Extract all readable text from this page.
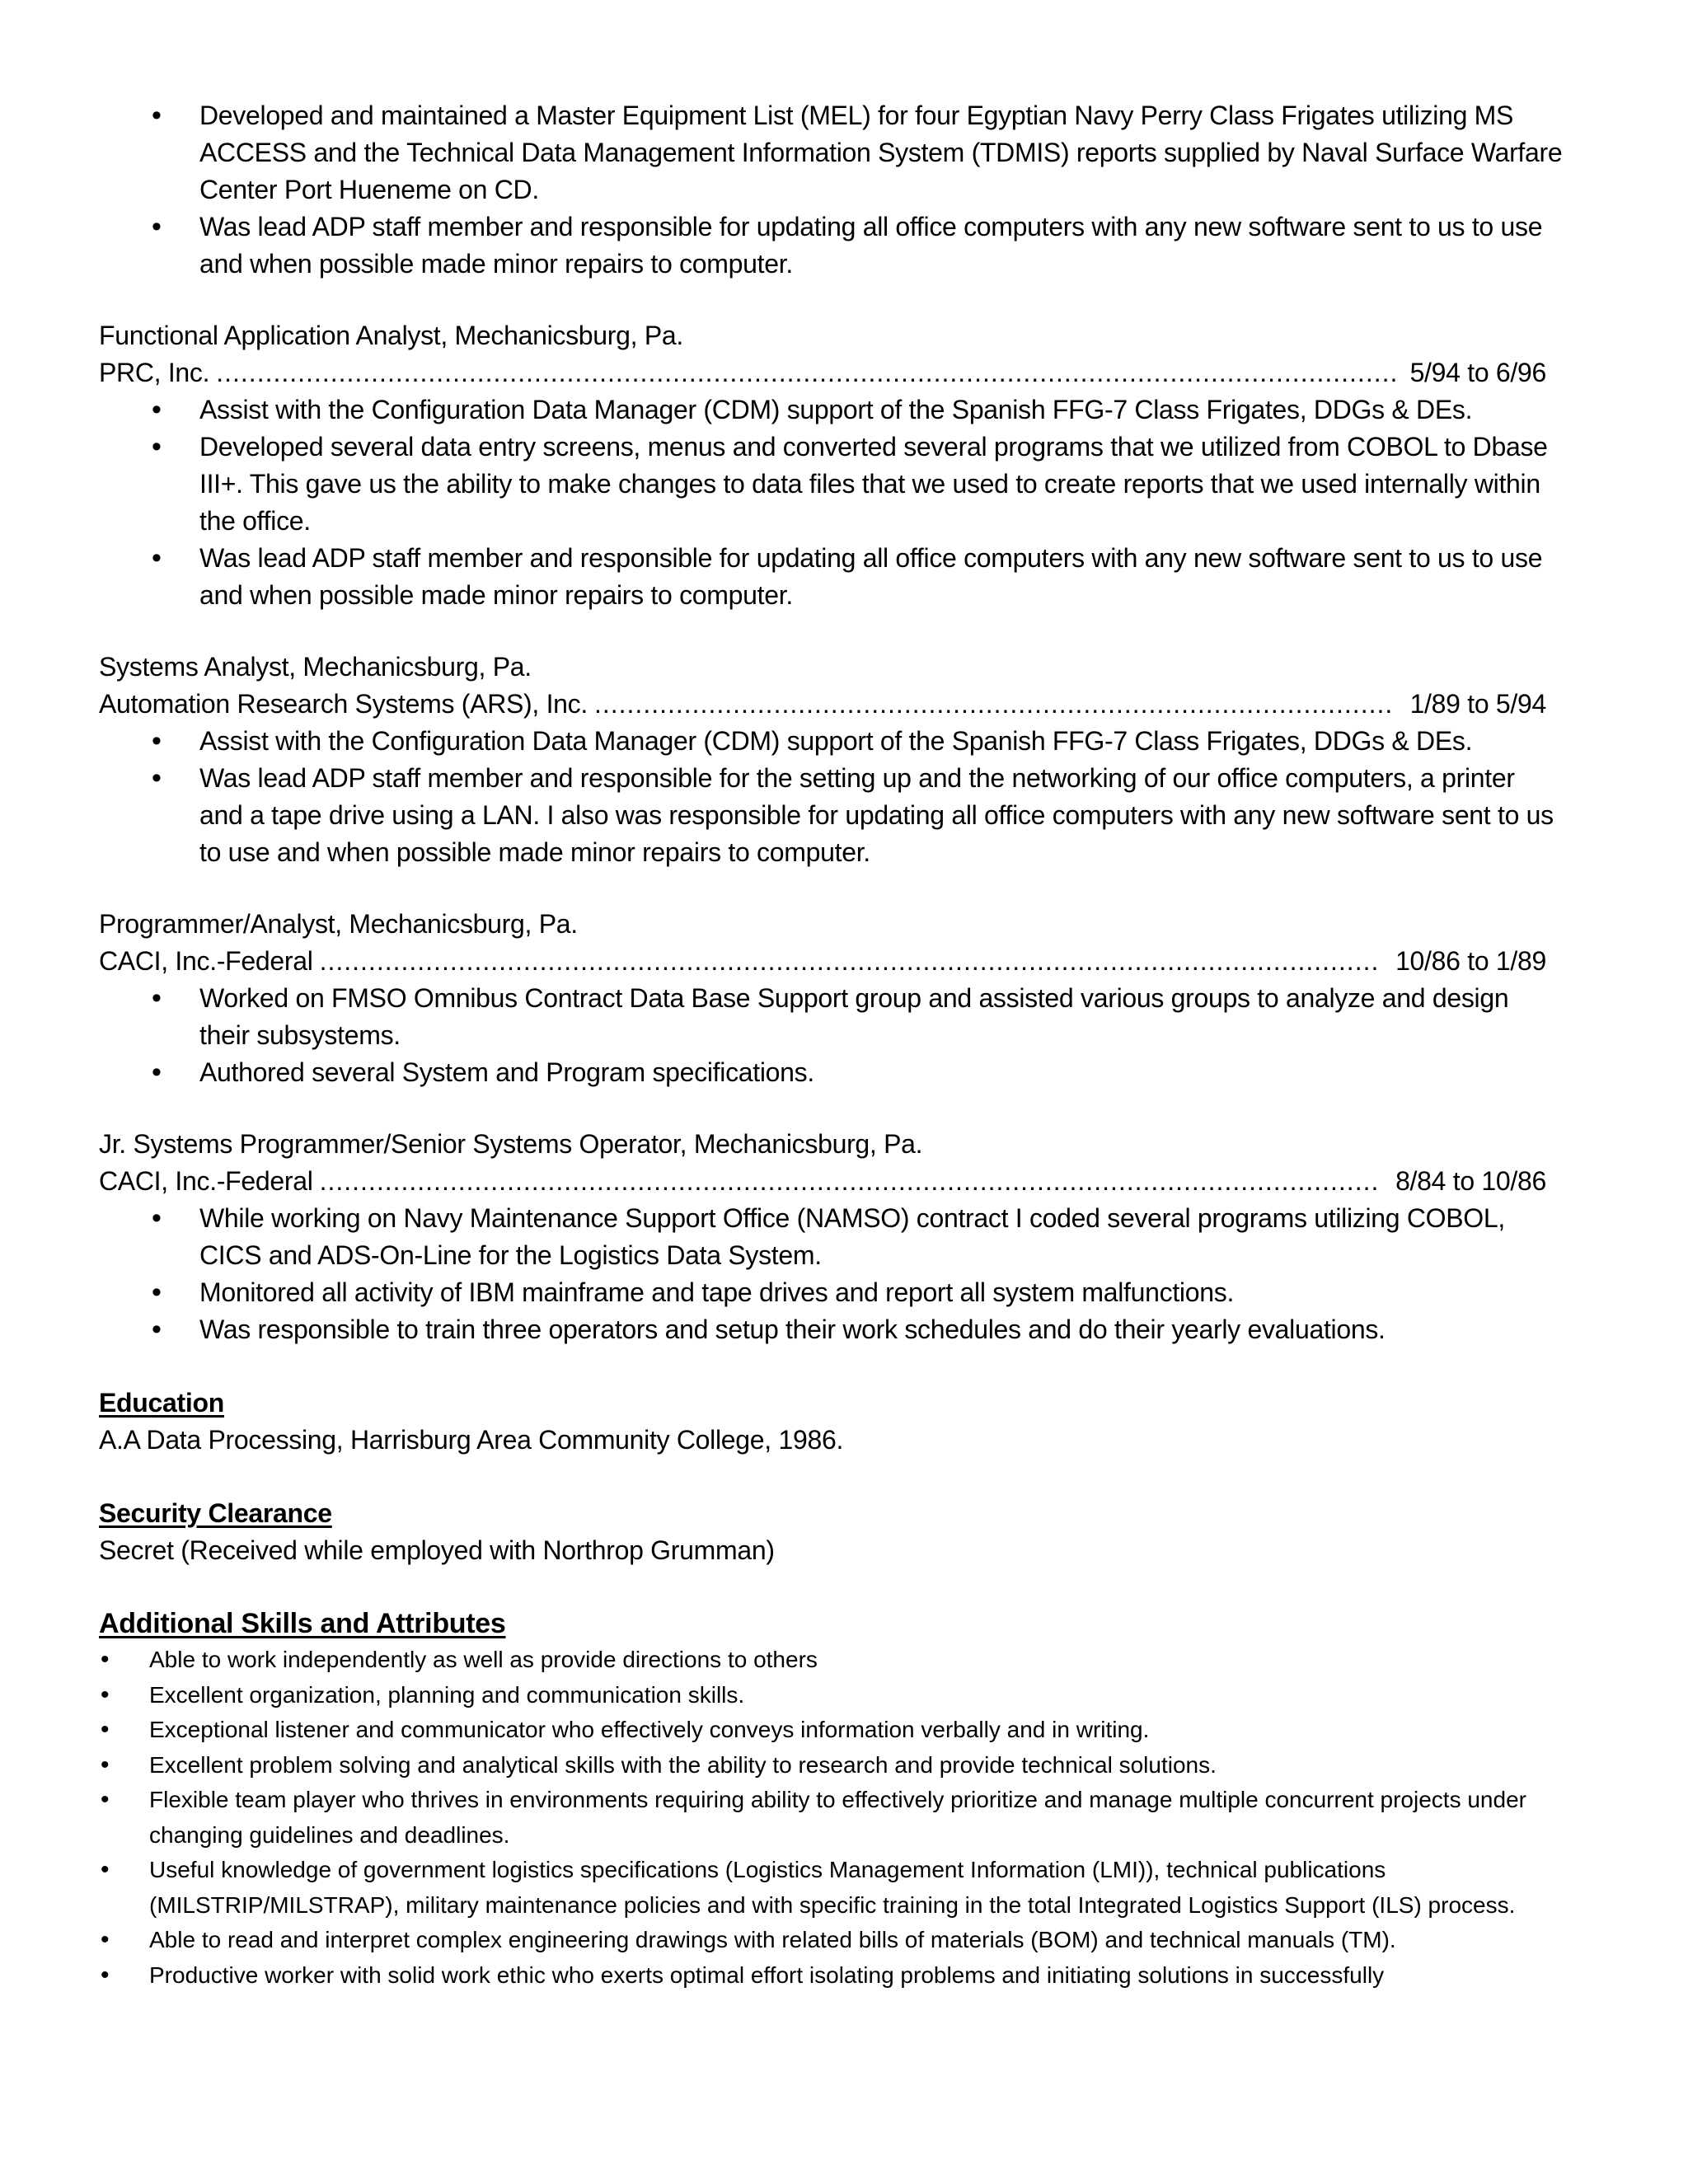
• Developed and maintained a Master Equipment List (MEL) for four Egyptian Navy Perry Class Frigates utilizing MS ACCESS and the Technical Data Management Information System (TDMIS) reports supplied by Naval Surface Warfare Center Port Hueneme on CD.
• Was lead ADP staff member and responsible for updating all office computers with any new software sent to us to use and when possible made minor repairs to computer.
Functional Application Analyst, Mechanicsburg, Pa.
PRC, Inc. .....	5/94 to 6/96
• Assist with the Configuration Data Manager (CDM) support of the Spanish FFG-7 Class Frigates, DDGs & DEs.
• Developed several data entry screens, menus and converted several programs that we utilized from COBOL to Dbase III+. This gave us the ability to make changes to data files that we used to create reports that we used internally within the office.
• Was lead ADP staff member and responsible for updating all office computers with any new software sent to us to use and when possible made minor repairs to computer.
Systems Analyst, Mechanicsburg, Pa.
Automation Research Systems (ARS), Inc. .....	1/89 to 5/94
• Assist with the Configuration Data Manager (CDM) support of the Spanish FFG-7 Class Frigates, DDGs & DEs.
• Was lead ADP staff member and responsible for the setting up and the networking of our office computers, a printer and a tape drive using a LAN. I also was responsible for updating all office computers with any new software sent to us to use and when possible made minor repairs to computer.
Programmer/Analyst, Mechanicsburg, Pa.
CACI, Inc.-Federal .....	10/86 to 1/89
• Worked on FMSO Omnibus Contract Data Base Support group and assisted various groups to analyze and design their subsystems.
• Authored several System and Program specifications.
Jr. Systems Programmer/Senior Systems Operator, Mechanicsburg, Pa.
CACI, Inc.-Federal .....	8/84 to 10/86
• While working on Navy Maintenance Support Office (NAMSO) contract I coded several programs utilizing COBOL, CICS and ADS-On-Line for the Logistics Data System.
• Monitored all activity of IBM mainframe and tape drives and report all system malfunctions.
• Was responsible to train three operators and setup their work schedules and do their yearly evaluations.
Education
A.A Data Processing, Harrisburg Area Community College, 1986.
Security Clearance
Secret (Received while employed with Northrop Grumman)
Additional Skills and Attributes
• Able to work independently as well as provide directions to others
• Excellent organization, planning and communication skills.
• Exceptional listener and communicator who effectively conveys information verbally and in writing.
• Excellent problem solving and analytical skills with the ability to research and provide technical solutions.
• Flexible team player who thrives in environments requiring ability to effectively prioritize and manage multiple concurrent projects under changing guidelines and deadlines.
• Useful knowledge of government logistics specifications (Logistics Management Information (LMI)), technical publications (MILSTRIP/MILSTRAP), military maintenance policies and with specific training in the total Integrated Logistics Support (ILS) process.
• Able to read and interpret complex engineering drawings with related bills of materials (BOM) and technical manuals (TM).
• Productive worker with solid work ethic who exerts optimal effort isolating problems and initiating solutions in successfully
